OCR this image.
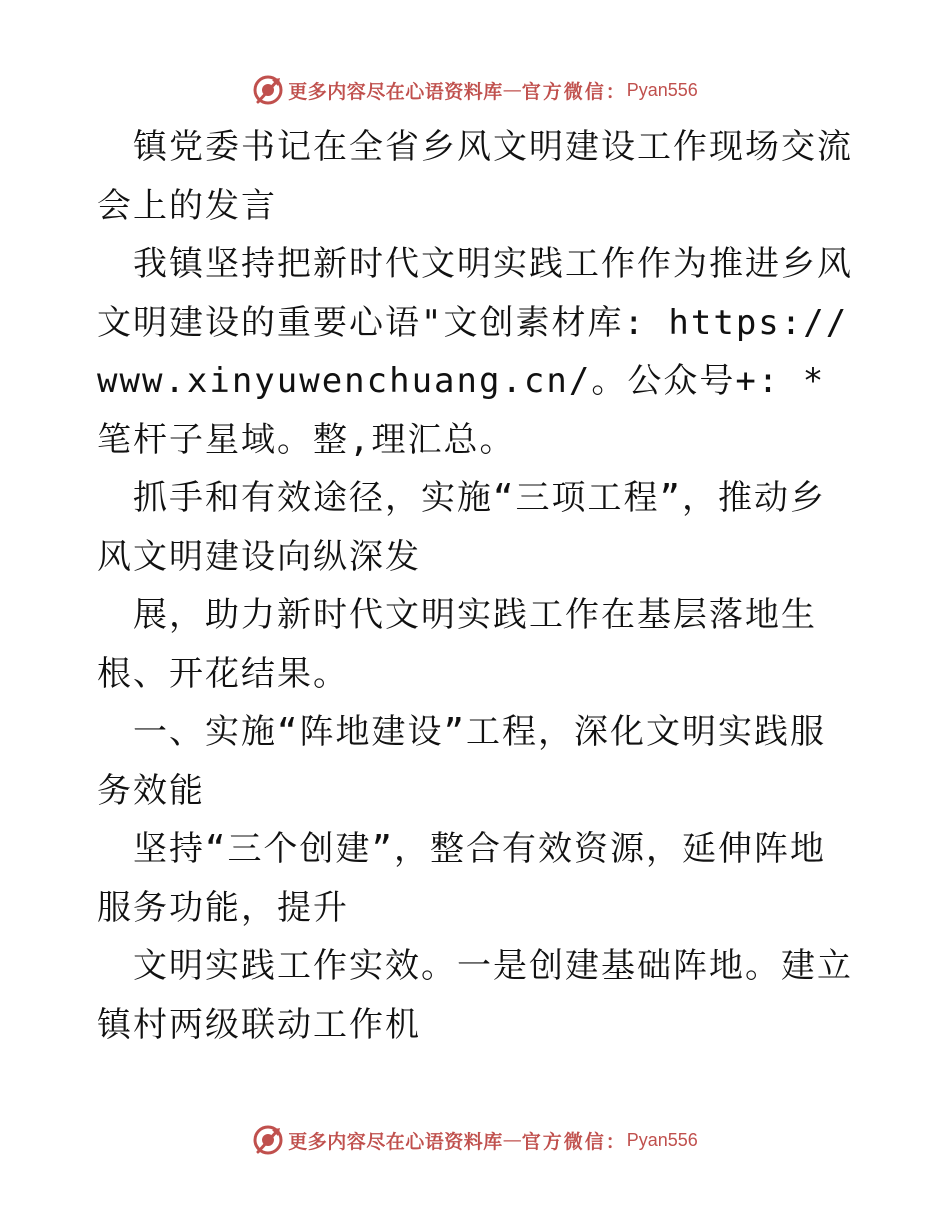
更多内容尽在心语资料库 — 官方微信： Pyan556

镇党委书记在全省乡风文明建设工作现场交流会上的发言

我镇坚持把新时代文明实践工作作为推进乡风文明建设的重要心语"文创素材库: https://www.xinyuwenchuang.cn/。公众号+: *笔杆子星域。整,理汇总。

抓手和有效途径，实施“三项工程”，推动乡风文明建设向纵深发

展，助力新时代文明实践工作在基层落地生根、开花结果。

一、实施“阵地建设”工程，深化文明实践服务效能

坚持“三个创建”，整合有效资源，延伸阵地服务功能，提升

文明实践工作实效。一是创建基础阵地。建立镇村两级联动工作机

更多内容尽在心语资料库 — 官方微信： Pyan556
